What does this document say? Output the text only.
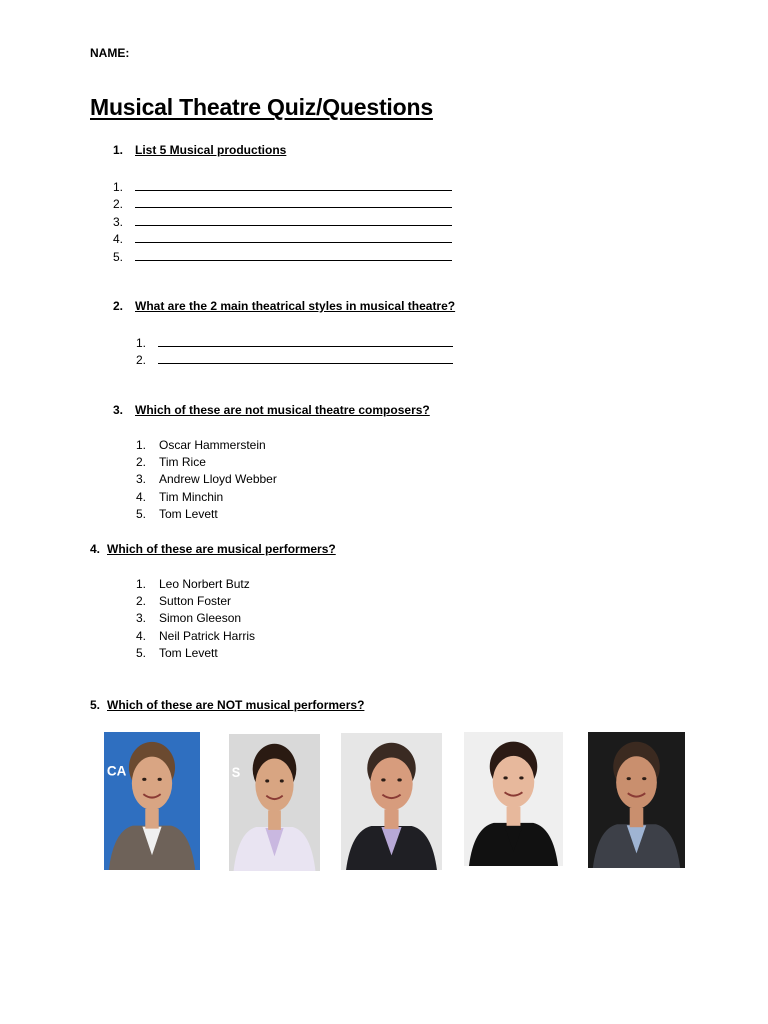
NAME:
Musical Theatre Quiz/Questions
1. List 5 Musical productions
1.
2.
3.
4.
5.
2. What are the 2 main theatrical styles in musical theatre?
1.
2.
3. Which of these are not musical theatre composers?
1.	Oscar Hammerstein
2.	Tim Rice
3.	Andrew Lloyd Webber
4.	Tim Minchin
5.	Tom Levett
4. Which of these are musical performers?
1.	Leo Norbert Butz
2.	Sutton Foster
3.	Simon Gleeson
4.	Neil Patrick Harris
5.	Tom Levett
5. Which of these are NOT musical performers?
CA	S
